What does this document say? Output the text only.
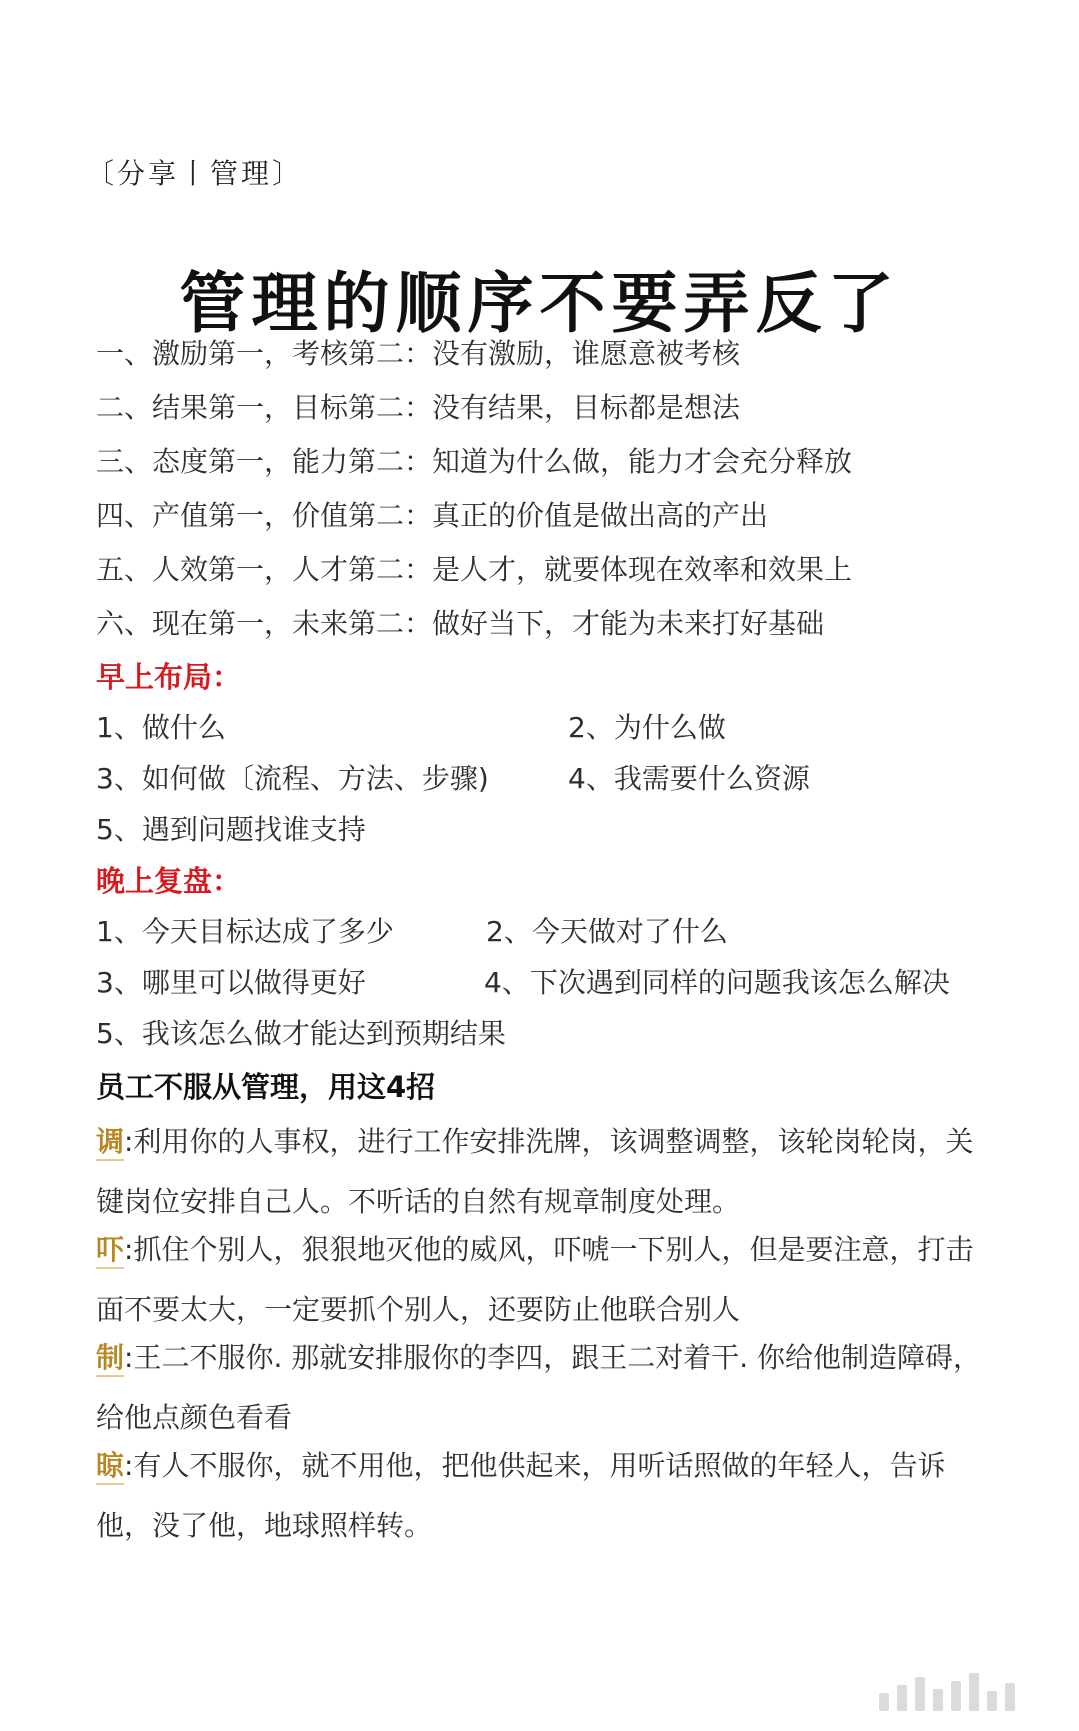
〔分享丨管理〕
管理的顺序不要弄反了
一、激励第一，考核第二：没有激励，谁愿意被考核
二、结果第一，目标第二：没有结果，目标都是想法
三、态度第一，能力第二：知道为什么做，能力才会充分释放
四、产值第一，价值第二：真正的价值是做出高的产出
五、人效第一，人才第二：是人才，就要体现在效率和效果上
六、现在第一，未来第二：做好当下，才能为未来打好基础
早上布局：
1、做什么	2、为什么做
3、如何做〔流程、方法、步骤)	4、我需要什么资源
5、遇到问题找谁支持
晚上复盘：
1、今天目标达成了多少	2、今天做对了什么
3、哪里可以做得更好	4、下次遇到同样的问题我该怎么解决
5、我该怎么做才能达到预期结果
员工不服从管理，用这4招
调:利用你的人事权，进行工作安排洗牌，该调整调整，该轮岗轮岗，关键岗位安排自己人。不听话的自然有规章制度处理。
吓:抓住个别人，狠狠地灭他的威风，吓唬一下别人，但是要注意，打击面不要太大，一定要抓个别人，还要防止他联合别人
制:王二不服你. 那就安排服你的李四，跟王二对着干. 你给他制造障碍，给他点颜色看看
晾:有人不服你，就不用他，把他供起来，用听话照做的年轻人，告诉他，没了他，地球照样转。
